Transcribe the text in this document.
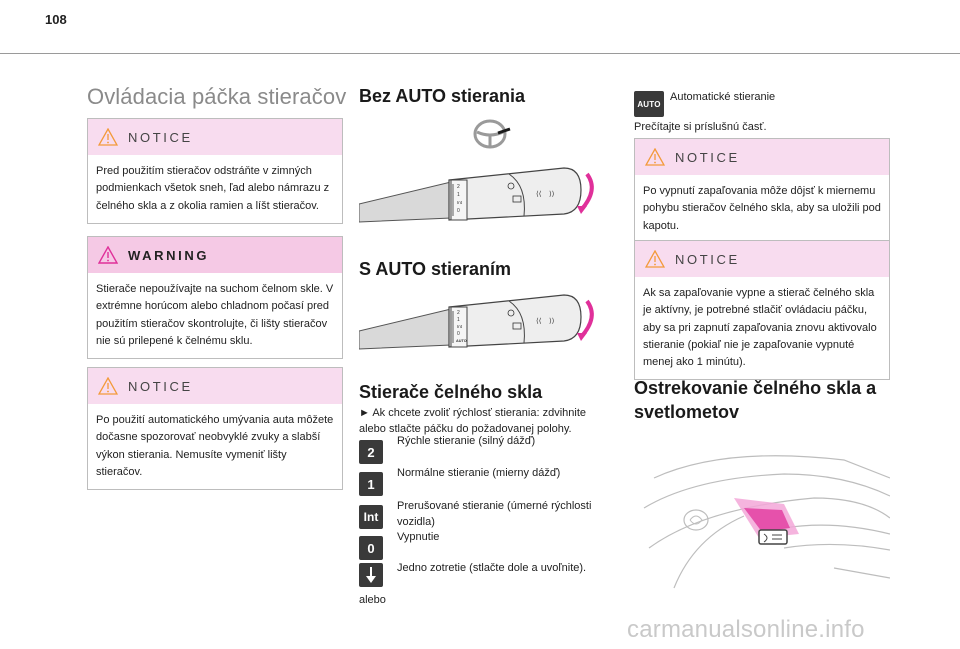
108
Ovládacia páčka stieračov
NOTICE
Pred použitím stieračov odstráňte v zimných podmienkach všetok sneh, ľad alebo námrazu z čelného skla a z okolia ramien a líšt stieračov.
WARNING
Stierače nepoužívajte na suchom čelnom skle. V extrémne horúcom alebo chladnom počasí pred použitím stieračov skontrolujte, či lišty stieračov nie sú prilepené k čelnému sklu.
NOTICE
Po použití automatického umývania auta môžete dočasne spozorovať neobvyklé zvuky a slabší výkon stierania. Nemusíte vymeniť lišty stieračov.
Bez AUTO stierania
2
1
Int
0
⟨⟨ ⟩⟩
S AUTO stieraním
2
1
Int
0
AUTO
⟨⟨ ⟩⟩
Stierače čelného skla
► Ak chcete zvoliť rýchlosť stierania: zdvihnite alebo stlačte páčku do požadovanej polohy.
2
Rýchle stieranie (silný dážď)
1
Normálne stieranie (mierny dážď)
Int
Prerušované stieranie (úmerné rýchlosti vozidla)
0
Vypnutie
Jedno zotretie (stlačte dole a uvoľnite).
alebo
AUTO
Automatické stieranie
Prečítajte si príslušnú časť.
NOTICE
Po vypnutí zapaľovania môže dôjsť k miernemu pohybu stieračov čelného skla, aby sa uložili pod kapotu.
NOTICE
Ak sa zapaľovanie vypne a stierač čelného skla je aktívny, je potrebné stlačiť ovládaciu páčku, aby sa pri zapnutí zapaľovania znovu aktivovalo stieranie (pokiaľ nie je zapaľovanie vypnuté menej ako 1 minútu).
Ostrekovanie čelného skla a svetlometov
carmanualsonline.info
